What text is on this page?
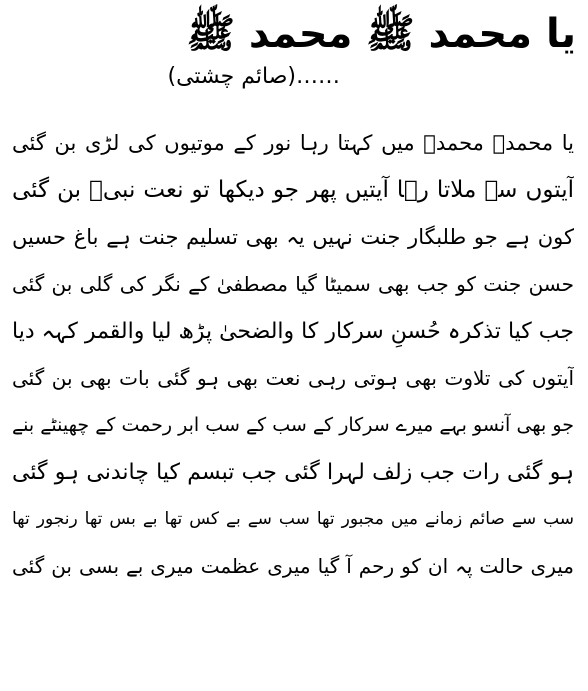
یا محمد ﷺ محمد ﷺ
……(صائم چشتی)
یا محمدؐ محمدؐ میں کہتا رہا نور کے موتیوں کی لڑی بن گئی
آیتوں سے ملاتا رہا آیتیں پھر جو دیکھا تو نعت نبیؐ بن گئی
کون ہے جو طلبگار جنت نہیں یہ بھی تسلیم جنت ہے باغ حسیں
حسن جنت کو جب بھی سمیٹا گیا مصطفیٰ کے نگر کی گلی بن گئی
جب کیا تذکرہ حُسنِ سرکار کا والضحیٰ پڑھ لیا والقمر کہہ دیا
آیتوں کی تلاوت بھی ہوتی رہی نعت بھی ہو گئی بات بھی بن گئی
جو بھی آنسو بہے میرے سرکار کے سب کے سب ابر رحمت کے چھینٹے بنے
ہو گئی رات جب زلف لہرا گئی جب تبسم کیا چاندنی ہو گئی
سب سے صائم زمانے میں مجبور تھا سب سے بے کس تھا بے بس تھا رنجور تھا
میری حالت پہ ان کو رحم آ گیا میری عظمت میری بے بسی بن گئی
